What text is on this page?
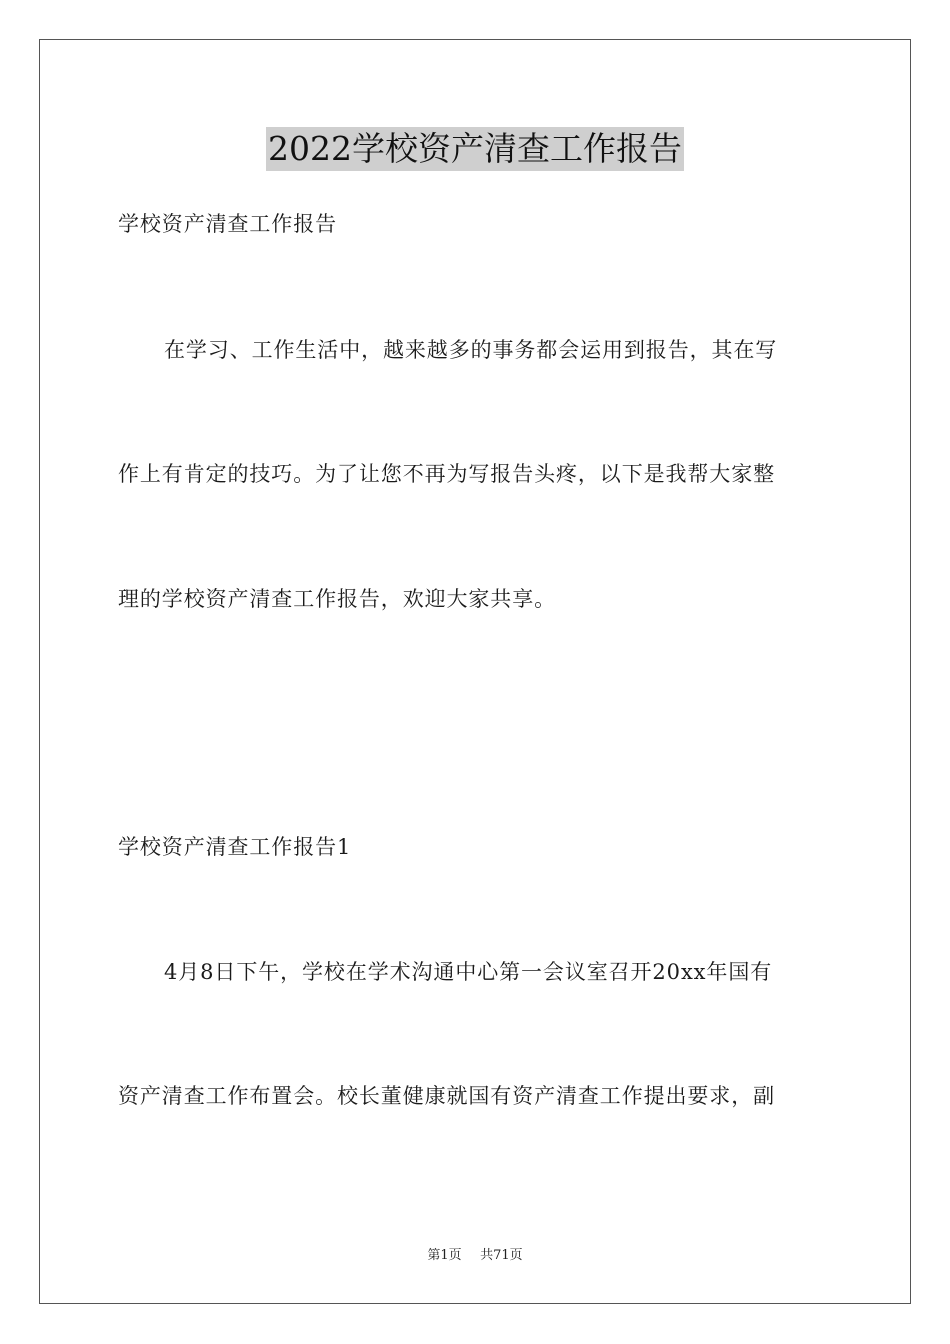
2022学校资产清查工作报告
学校资产清查工作报告
在学习、工作生活中，越来越多的事务都会运用到报告，其在写
作上有肯定的技巧。为了让您不再为写报告头疼，以下是我帮大家整
理的学校资产清查工作报告，欢迎大家共享。
学校资产清查工作报告1
4月8日下午，学校在学术沟通中心第一会议室召开20xx年国有
资产清查工作布置会。校长董健康就国有资产清查工作提出要求，副
第1页 共71页
